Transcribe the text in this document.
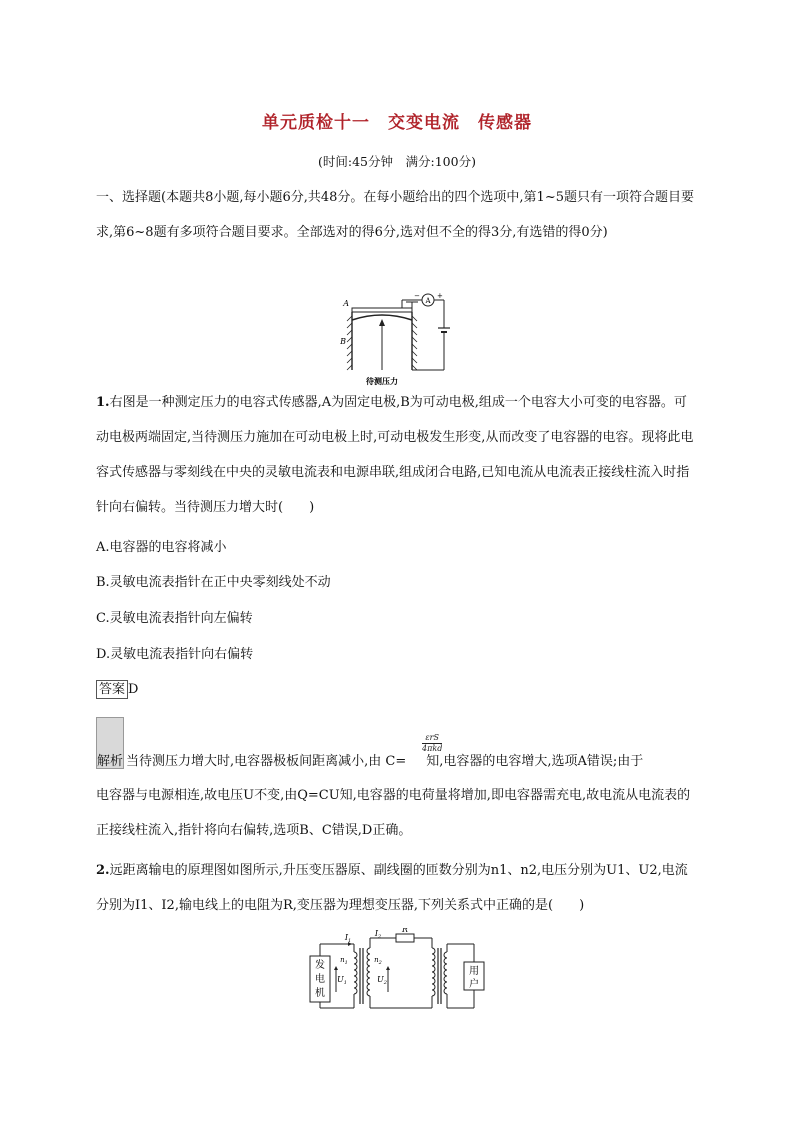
单元质检十一　交变电流　传感器
(时间:45分钟　满分:100分)
一、选择题(本题共8小题,每小题6分,共48分。在每小题给出的四个选项中,第1~5题只有一项符合题目要求,第6~8题有多项符合题目要求。全部选对的得6分,选对但不全的得3分,有选错的得0分)
A
B
−
A
+
待测压力
1.右图是一种测定压力的电容式传感器,A为固定电极,B为可动电极,组成一个电容大小可变的电容器。可动电极两端固定,当待测压力施加在可动电极上时,可动电极发生形变,从而改变了电容器的电容。现将此电容式传感器与零刻线在中央的灵敏电流表和电源串联,组成闭合电路,已知电流从电流表正接线柱流入时指针向右偏转。当待测压力增大时(　　)
A.电容器的电容将减小
B.灵敏电流表指针在正中央零刻线处不动
C.灵敏电流表指针向左偏转
D.灵敏电流表指针向右偏转
答案 D
解析 当待测压力增大时,电容器极板间距离减小,由 C= 知,电容器的电容增大,选项A错误;由于
εrS
4πkd
电容器与电源相连,故电压U不变,由Q=CU知,电容器的电荷量将增加,即电容器需充电,故电流从电流表的正接线柱流入,指针将向右偏转,选项B、C错误,D正确。
2.远距离输电的原理图如图所示,升压变压器原、副线圈的匝数分别为n1、n2,电压分别为U1、U2,电流分别为I1、I2,输电线上的电阻为R,变压器为理想变压器,下列关系式中正确的是(　　)
发
电
机
用
户
$I_1$
$I_2$
R
$n_1$	$n_2$
$U_1$	$U_2$
